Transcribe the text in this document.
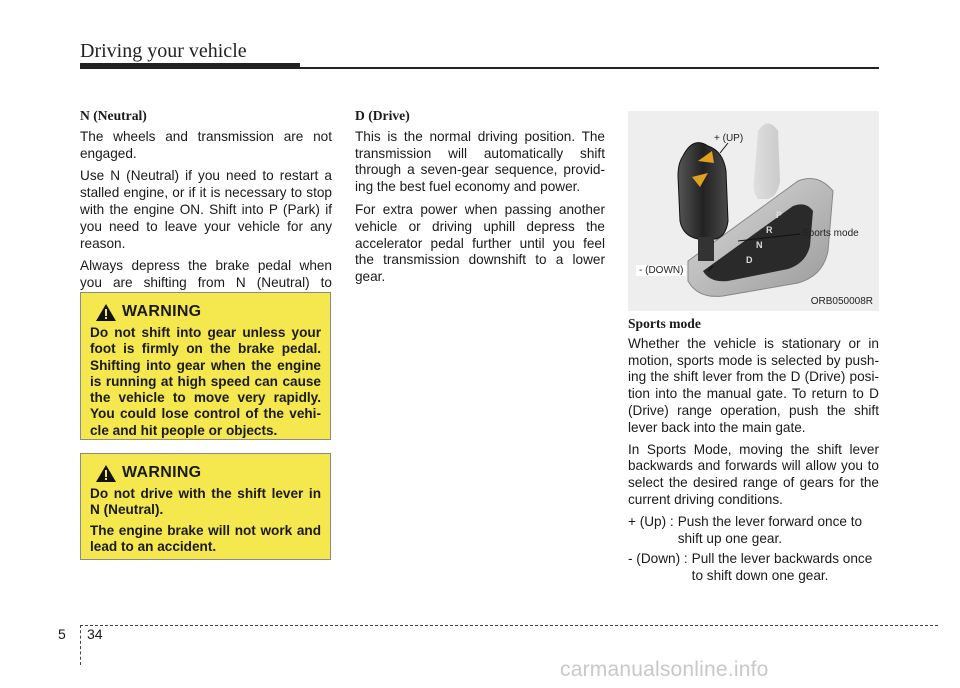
Driving your vehicle
N (Neutral)

The wheels and transmission are not engaged.

Use N (Neutral) if you need to restart a stalled engine, or if it is necessary to stop with the engine ON. Shift into P (Park) if you need to leave your vehicle for any reason.

Always depress the brake pedal when you are shifting from N (Neutral) to

WARNING

Do not shift into gear unless your foot is firmly on the brake pedal. Shifting into gear when the engine is running at high speed can cause the vehicle to move very rapidly. You could lose control of the vehi-cle and hit people or objects.

WARNING

Do not drive with the shift lever in N (Neutral).

The engine brake will not work and lead to an accident.

D (Drive)

This is the normal driving position. The transmission will automatically shift through a seven-gear sequence, provid-ing the best fuel economy and power.

For extra power when passing another vehicle or driving uphill depress the accelerator pedal further until you feel the transmission downshift to a lower gear.

P
R
N
D
+ (UP)
Sports mode
- (DOWN)
ORB050008R
Sports mode

Whether the vehicle is stationary or in motion, sports mode is selected by push-ing the shift lever from the D (Drive) posi-tion into the manual gate. To return to D (Drive) range operation, push the shift lever back into the main gate.

In Sports Mode, moving the shift lever backwards and forwards will allow you to select the desired range of gears for the current driving conditions.

+ (Up) : Push the lever forward once to shift up one gear.
- (Down) : Pull the lever backwards once to shift down one gear.
5 34
carmanualsonline.info
